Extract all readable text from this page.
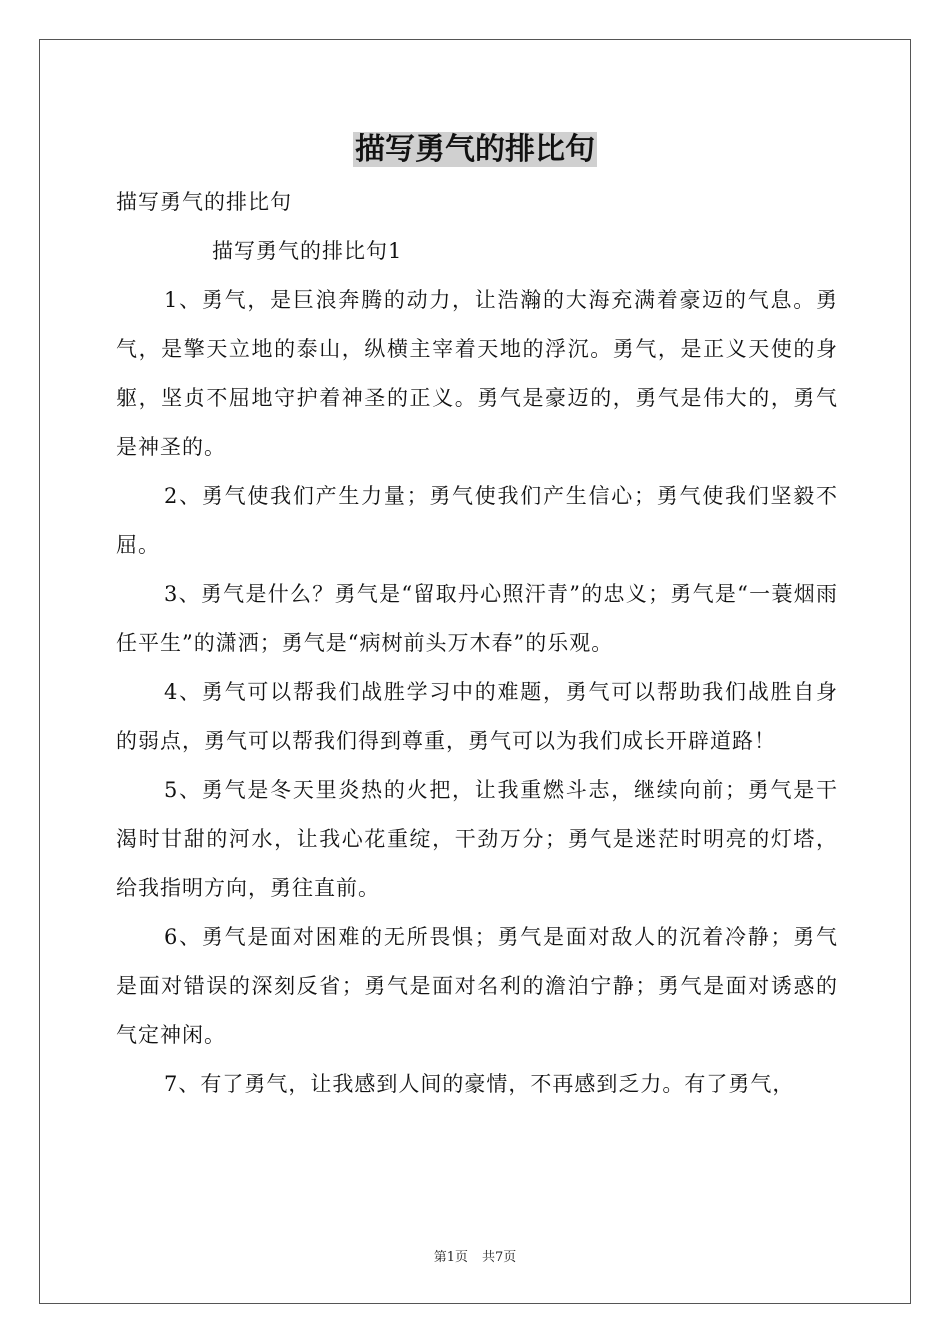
描写勇气的排比句

描写勇气的排比句

描写勇气的排比句1

1、勇气，是巨浪奔腾的动力，让浩瀚的大海充满着豪迈的气息。勇气，是擎天立地的泰山，纵横主宰着天地的浮沉。勇气，是正义天使的身躯，坚贞不屈地守护着神圣的正义。勇气是豪迈的，勇气是伟大的，勇气是神圣的。

2、勇气使我们产生力量；勇气使我们产生信心；勇气使我们坚毅不屈。

3、勇气是什么？勇气是“留取丹心照汗青”的忠义；勇气是“一蓑烟雨任平生”的潇洒；勇气是“病树前头万木春”的乐观。

4、勇气可以帮我们战胜学习中的难题，勇气可以帮助我们战胜自身的弱点，勇气可以帮我们得到尊重，勇气可以为我们成长开辟道路！

5、勇气是冬天里炎热的火把，让我重燃斗志，继续向前；勇气是干渴时甘甜的河水，让我心花重绽，干劲万分；勇气是迷茫时明亮的灯塔，给我指明方向，勇往直前。

6、勇气是面对困难的无所畏惧；勇气是面对敌人的沉着冷静；勇气是面对错误的深刻反省；勇气是面对名利的澹泊宁静；勇气是面对诱惑的气定神闲。

7、有了勇气，让我感到人间的豪情，不再感到乏力。有了勇气，

第1页 共7页
